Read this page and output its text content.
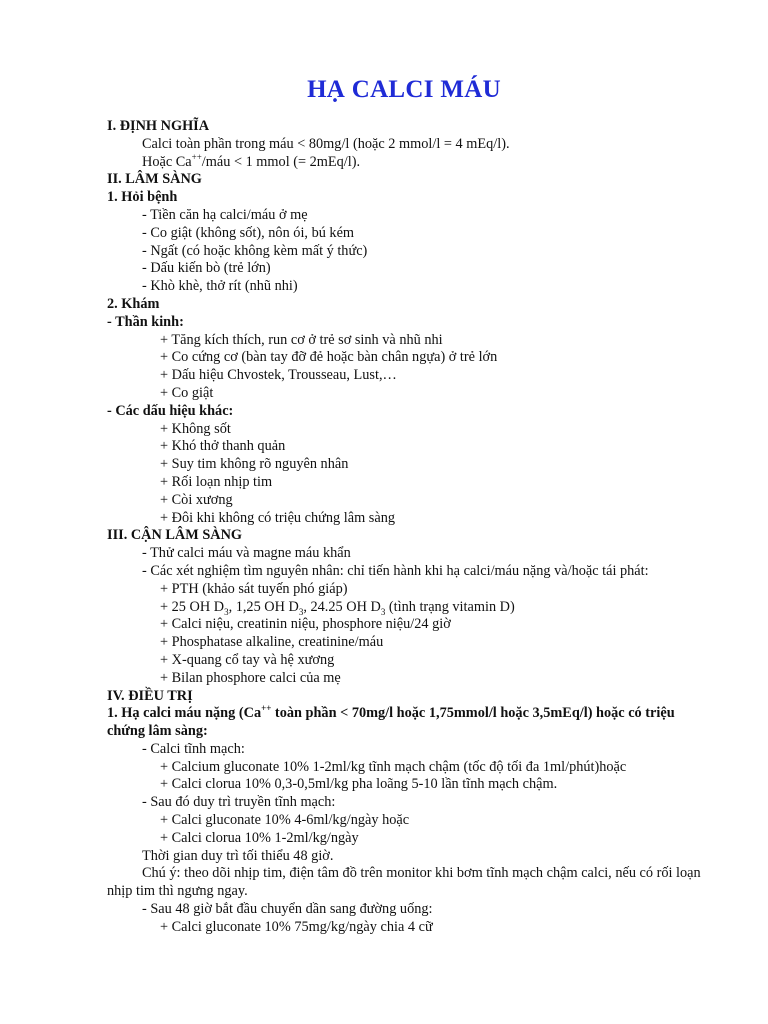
HẠ CALCI MÁU
I. ĐỊNH NGHĨA
Calci toàn phần trong máu < 80mg/l (hoặc 2 mmol/l = 4 mEq/l).
Hoặc Ca++/máu < 1 mmol (= 2mEq/l).
II. LÂM SÀNG
1. Hỏi bệnh
- Tiền căn hạ calci/máu ở mẹ
- Co giật (không sốt), nôn ói, bú kém
- Ngất (có hoặc không kèm mất ý thức)
- Dấu kiến bò (trẻ lớn)
- Khò khè, thở rít (nhũ nhi)
2. Khám
- Thần kinh:
+ Tăng kích thích, run cơ ở trẻ sơ sinh và nhũ nhi
+ Co cứng cơ (bàn tay đỡ đẻ hoặc bàn chân ngựa) ở trẻ lớn
+ Dấu hiệu Chvostek, Trousseau, Lust,…
+ Co giật
- Các dấu hiệu khác:
+ Không sốt
+ Khó thở thanh quản
+ Suy tim không rõ nguyên nhân
+ Rối loạn nhịp tim
+ Còi xương
+ Đôi khi không có triệu chứng lâm sàng
III. CẬN LÂM SÀNG
- Thử calci máu và magne máu khẩn
- Các xét nghiệm tìm nguyên nhân: chỉ tiến hành khi hạ calci/máu nặng và/hoặc tái phát:
+ PTH (khảo sát tuyến phó giáp)
+ 25 OH $D_3$, 1,25 OH $D_3$, 24.25 OH $D_3$ (tình trạng vitamin D)
+ Calci niệu, creatinin niệu, phosphore niệu/24 giờ
+ Phosphatase alkaline, creatinine/máu
+ X-quang cổ tay và hệ xương
+ Bilan phosphore calci của mẹ
IV. ĐIỀU TRỊ
1. Hạ calci máu nặng (Ca++ toàn phần < 70mg/l hoặc 1,75mmol/l hoặc 3,5mEq/l) hoặc có triệu chứng lâm sàng:
- Calci tĩnh mạch:
+ Calcium gluconate 10% 1-2ml/kg tĩnh mạch chậm (tốc độ tối đa 1ml/phút)hoặc
+ Calci clorua 10% 0,3-0,5ml/kg pha loãng 5-10 lần tĩnh mạch chậm.
- Sau đó duy trì truyền tĩnh mạch:
+ Calci gluconate 10% 4-6ml/kg/ngày hoặc
+ Calci clorua 10% 1-2ml/kg/ngày
Thời gian duy trì tối thiểu 48 giờ.
Chú ý: theo dõi nhịp tim, điện tâm đồ trên monitor khi bơm tĩnh mạch chậm calci, nếu có rối loạn nhịp tim thì ngưng ngay.
- Sau 48 giờ bắt đầu chuyển dần sang đường uống:
+ Calci gluconate 10% 75mg/kg/ngày chia 4 cữ
